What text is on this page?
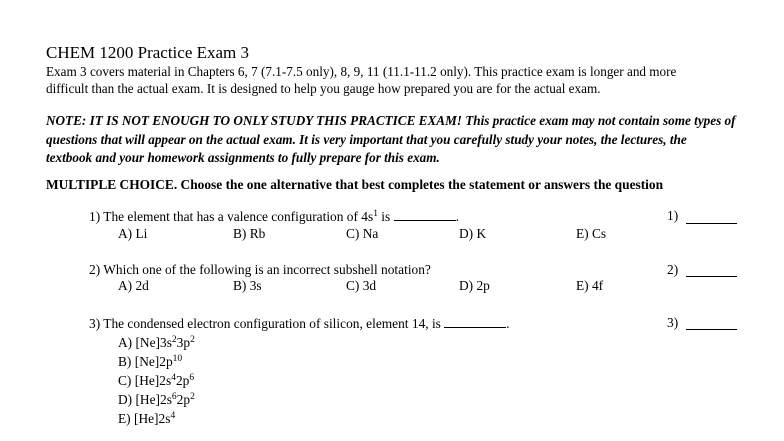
CHEM 1200 Practice Exam 3
Exam 3 covers material in Chapters 6, 7 (7.1-7.5 only), 8, 9, 11 (11.1-11.2 only). This practice exam is longer and more
difficult than the actual exam. It is designed to help you gauge how prepared you are for the actual exam.
NOTE: IT IS NOT ENOUGH TO ONLY STUDY THIS PRACTICE EXAM! This practice exam may not contain some types of
questions that will appear on the actual exam. It is very important that you carefully study your notes, the lectures, the
textbook and your homework assignments to fully prepare for this exam.
MULTIPLE CHOICE. Choose the one alternative that best completes the statement or answers the question
1) The element that has a valence configuration of $4s^1$ is	.	1)
A) Li	B) Rb	C) Na	D) K	E) Cs
2) Which one of the following is an incorrect subshell notation?	2)
A) 2d	B) 3s	C) 3d	D) 2p	E) 4f
3) The condensed electron configuration of silicon, element 14, is	.	3)
A) $[Ne]3s^23p^2$
B) $[Ne]2p^{10}$
C) $[He]2s^42p^6$
D) $[He]2s^62p^2$
E) $[He]2s^4$
